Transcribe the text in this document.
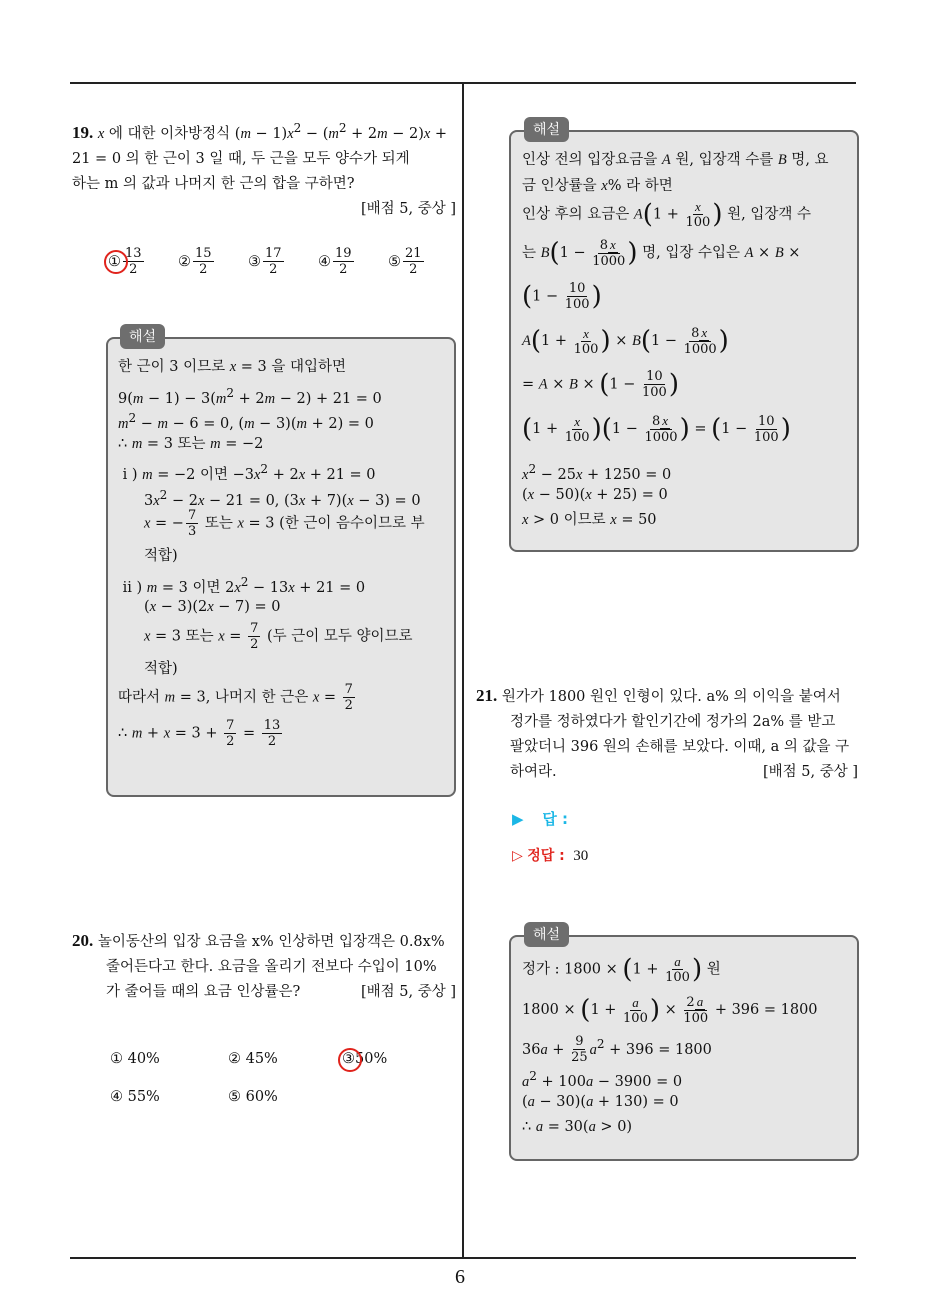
6

19. x 에 대한 이차방정식 $(m - 1)x^2 - (m^2 + 2m - 2)x$ +

21 = 0 의 한 근이 3 일 때, 두 근을 모두 양수가 되게

하는 m 의 값과 나머지 한 근의 합을 구하면?

[배점 5, 중상 ]

① $\frac{13}{2}$ ② $\frac{15}{2}$ ③ $\frac{17}{2}$ ④ $\frac{19}{2}$ ⑤ $\frac{21}{2}$
해설
한 근이 3 이므로 x = 3 을 대입하면
$9(m - 1) - 3(m^2 + 2m - 2) + 21 = 0$
$m^2 - m - 6 = 0$, (m − 3)(m + 2) = 0
∴ m = 3 또는 m = −2
i ) m = −2 이면 $-3x^2 + 2x + 21 = 0$
$3x^2 - 2x - 21 = 0$, (3x + 7)(x − 3) = 0
x = − $\frac{7}{3}$ 또는 x = 3 (한 근이 음수이므로 부
적합)
ii ) m = 3 이면 $2x^2 - 13x + 21 = 0$
(x − 3)(2x − 7) = 0
x = 3 또는 $x = \frac{7}{2}$ (두 근이 모두 양이므로
적합)
따라서 m = 3, 나머지 한 근은 $x = \frac{7}{2}$
∴ $m + x = 3 + \frac{7}{2} = \frac{13}{2}$

20. 놀이동산의 입장 요금을 x% 인상하면 입장객은 0.8x%

줄어든다고 한다. 요금을 올리기 전보다 수입이 10%

가 줄어들 때의 요금 인상률은?	[배점 5, 중상 ]

①
40%	②
45%	③ 50%
④
55%	⑤
60%
해설
인상 전의 입장요금을 A 원, 입장객 수를 B 명, 요
금 인상률을 x% 라 하면
인상 후의 요금은 $A(1 + \frac{x}{100}$ ) 원, 입장객 수
는 $B(1 - \frac{8 x}{1000}$ ) 명, 입장 수입은 A × B ×
($1 - \frac{10}{100}$ )
$A(1 + \frac{x}{100}$ ) × $B(1 - \frac{8 x}{1000}$ )
= $A \times B \times (1 - \frac{10}{100}$ )
$(1 + \frac{x}{100} )(1 - \frac{8 x}{1000}$ ) = ($1 - \frac{10}{100}$ )
$x^2 - 25x + 1250 = 0$
(x − 50)(x + 25) = 0
x > 0 이므로 x = 50

21. 원가가 1800 원인 인형이 있다. a% 의 이익을 붙여서

정가를 정하였다가 할인기간에 정가의 2a% 를 받고

팔았더니 396 원의 손해를 보았다. 이때, a 의 값을 구

하여라.	[배점 5, 중상 ]

▶ 답 :
▷ 정답 : 30
해설
정가 : $1800 \times (1 + \frac{a}{100}$ ) 원
$1800 \times (1 + \frac{a}{100}$ ) × $\frac{2 a}{100} + 396 = 1800$
$36a + \frac{9}{25} a^2 + 396 = 1800$
$a^2 + 100a - 3900 = 0$
(a − 30)(a + 130) = 0
∴ a = 30(a > 0)
